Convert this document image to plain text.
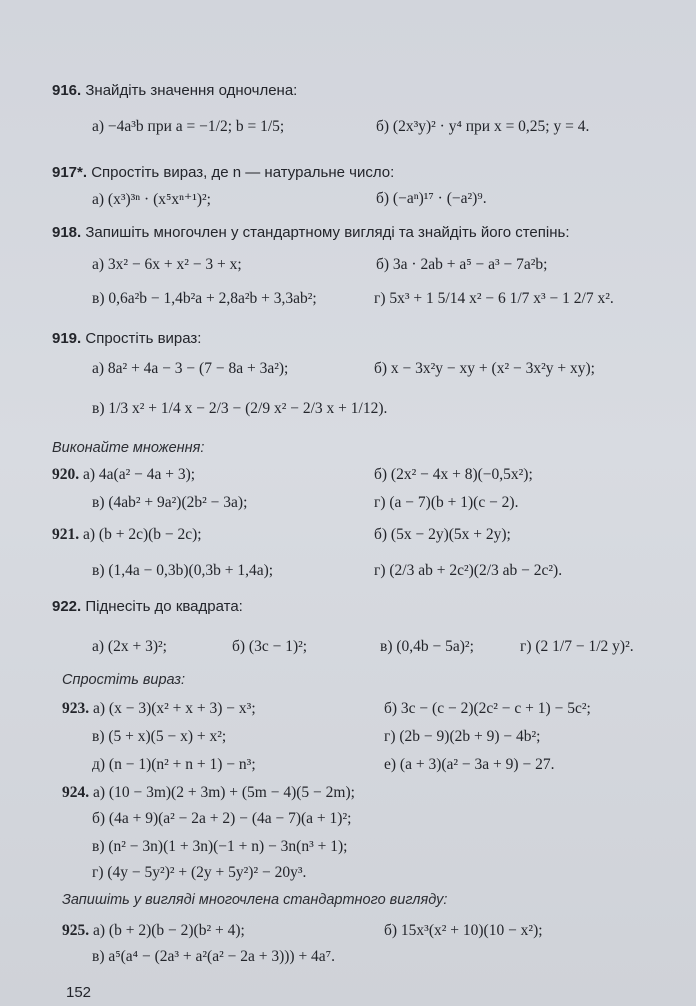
916. Знайдіть значення одночлена:
а) −4a³b при a = −1/2; b = 1/5;	б) (2x³y)² · y⁴ при x = 0,25; y = 4.
917*. Спростіть вираз, де n — натуральне число:
а) (x³)³ⁿ · (x⁵xⁿ⁺¹)²;	б) (−aⁿ)¹⁷ · (−a²)⁹.
918. Запишіть многочлен у стандартному вигляді та знайдіть його степінь:
а) 3x² − 6x + x² − 3 + x;	б) 3a · 2ab + a⁵ − a³ − 7a²b;
в) 0,6a²b − 1,4b²a + 2,8a²b + 3,3ab²;	г) 5x³ + 1 5/14 x² − 6 1/7 x³ − 1 2/7 x².
919. Спростіть вираз:
а) 8a² + 4a − 3 − (7 − 8a + 3a²);	б) x − 3x²y − xy + (x² − 3x²y + xy);
в) 1/3 x² + 1/4 x − 2/3 − (2/9 x² − 2/3 x + 1/12).
Виконайте множення:
920. а) 4a(a² − 4a + 3);	б) (2x² − 4x + 8)(−0,5x²);
в) (4ab² + 9a²)(2b² − 3a);	г) (a − 7)(b + 1)(c − 2).
921. а) (b + 2c)(b − 2c);	б) (5x − 2y)(5x + 2y);
в) (1,4a − 0,3b)(0,3b + 1,4a);	г) (2/3 ab + 2c²)(2/3 ab − 2c²).
922. Піднесіть до квадрата:
а) (2x + 3)²;	б) (3c − 1)²;	в) (0,4b − 5a)²;	г) (2 1/7 − 1/2 y)².
Спростіть вираз:
923. а) (x − 3)(x² + x + 3) − x³;	б) 3c − (c − 2)(2c² − c + 1) − 5c²;
в) (5 + x)(5 − x) + x²;	г) (2b − 9)(2b + 9) − 4b²;
д) (n − 1)(n² + n + 1) − n³;	е) (a + 3)(a² − 3a + 9) − 27.
924. а) (10 − 3m)(2 + 3m) + (5m − 4)(5 − 2m);
б) (4a + 9)(a² − 2a + 2) − (4a − 7)(a + 1)²;
в) (n² − 3n)(1 + 3n)(−1 + n) − 3n(n³ + 1);
г) (4y − 5y²)² + (2y + 5y²)² − 20y³.
Запишіть у вигляді многочлена стандартного вигляду:
925. а) (b + 2)(b − 2)(b² + 4);	б) 15x³(x² + 10)(10 − x²);
в) a⁵(a⁴ − (2a³ + a²(a² − 2a + 3))) + 4a⁷.
152
